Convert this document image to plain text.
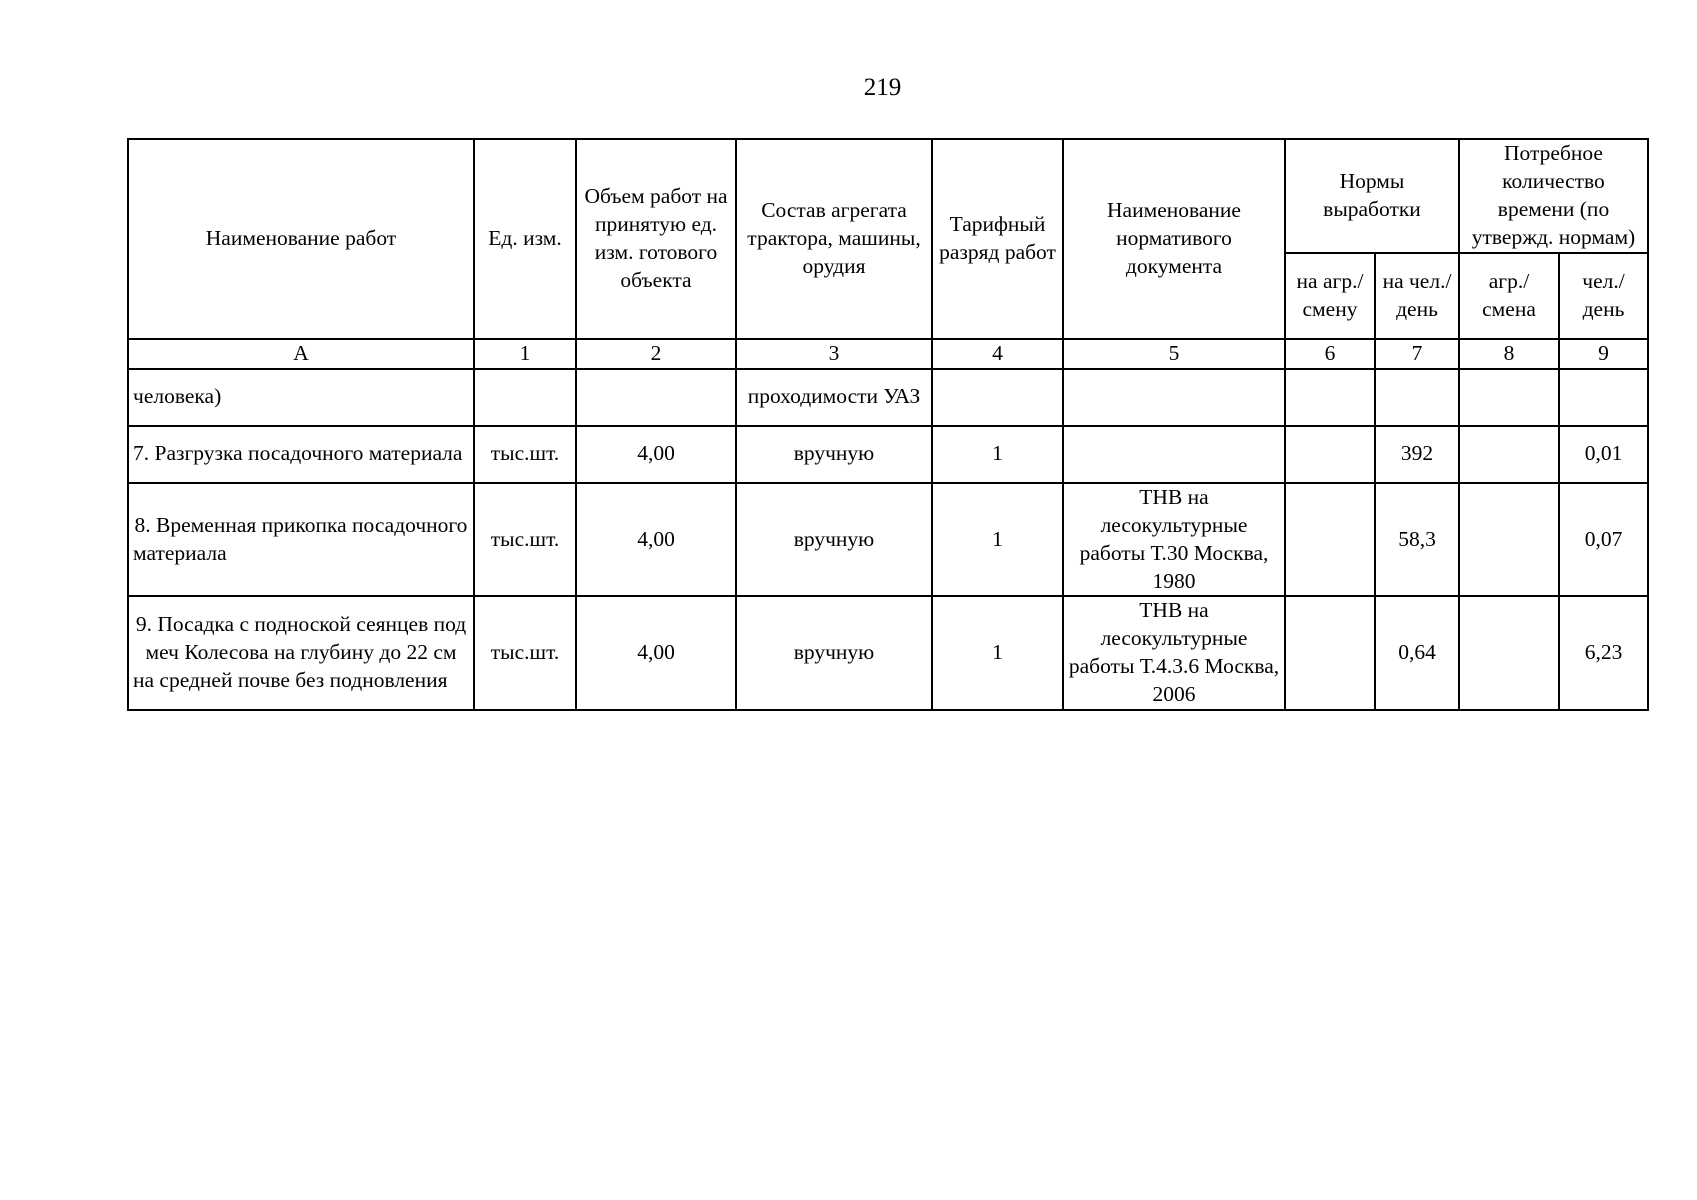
219
Наименование работ	Ед. изм.	Объем работ на принятую ед. изм. готового объекта	Состав агрегата трактора, машины, орудия	Тарифный разряд работ	Наименование нормативого документа	Нормы выработки		Потребное количество времени (по утвержд. нормам)	
						на агр./ смену	на чел./ день	агр./ смена	чел./ день
А	1	2	3	4	5	6	7	8	9
человека)			проходимости УАЗ						
7. Разгрузка посадочного материала	тыс.шт.	4,00	вручную	1			392		0,01
8. Временная прикопка посадочного материала	тыс.шт.	4,00	вручную	1	ТНВ на лесокультурные работы Т.30 Москва, 1980		58,3		0,07
9. Посадка с подноской сеянцев под меч Колесова на глубину до 22 см на средней почве без подновления	тыс.шт.	4,00	вручную	1	ТНВ на лесокультурные работы Т.4.3.6 Москва, 2006		0,64		6,23
